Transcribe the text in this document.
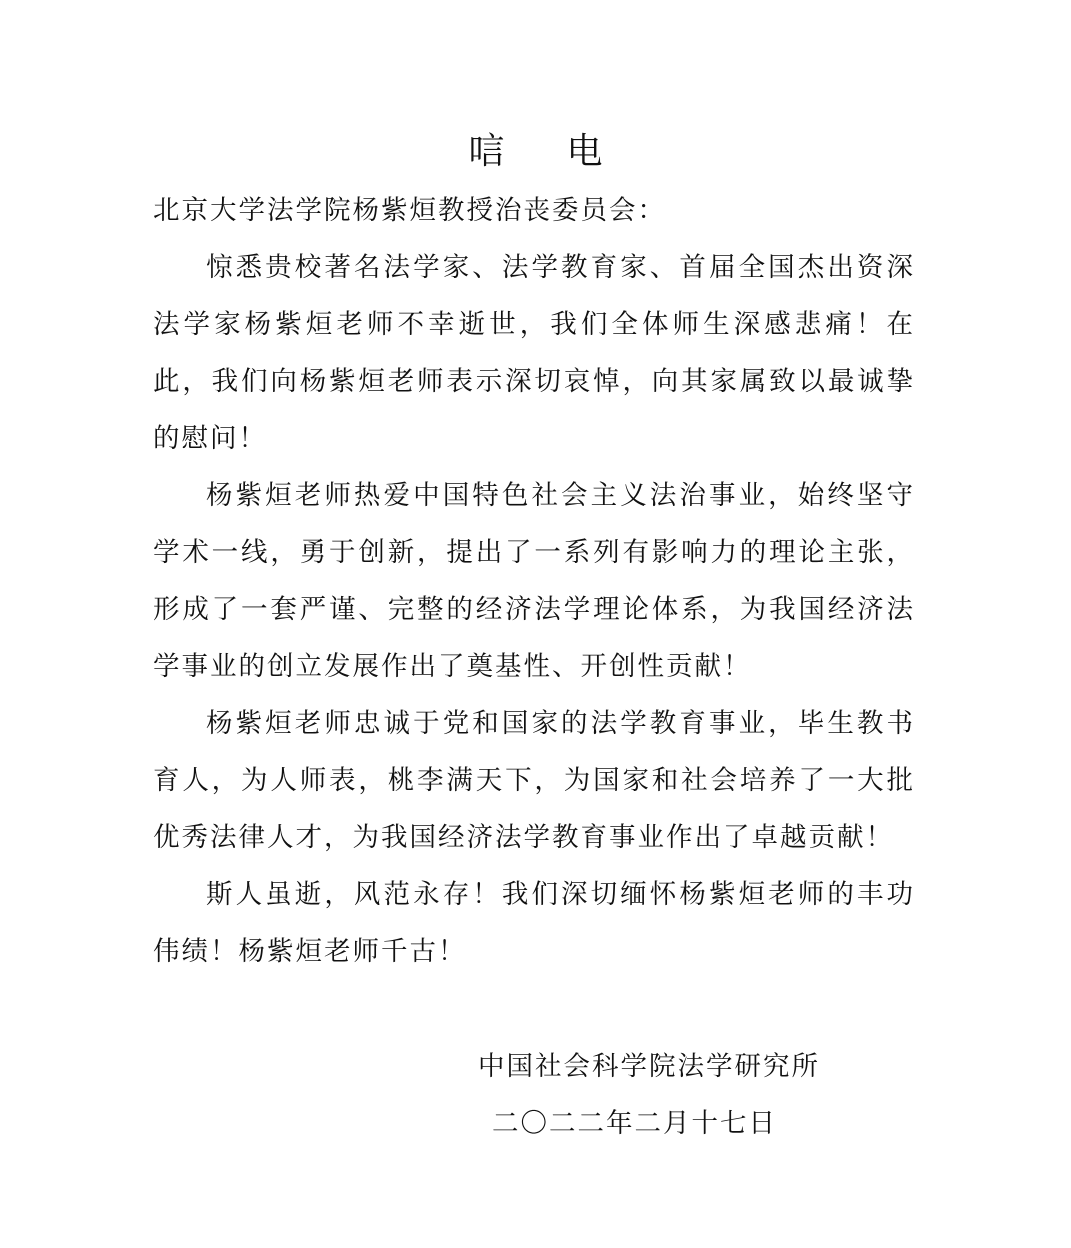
唁 电

北京大学法学院杨紫烜教授治丧委员会：

惊悉贵校著名法学家、法学教育家、首届全国杰出资深法学家杨紫烜老师不幸逝世，我们全体师生深感悲痛！在此，我们向杨紫烜老师表示深切哀悼，向其家属致以最诚挚的慰问！

杨紫烜老师热爱中国特色社会主义法治事业，始终坚守学术一线，勇于创新，提出了一系列有影响力的理论主张，形成了一套严谨、完整的经济法学理论体系，为我国经济法学事业的创立发展作出了奠基性、开创性贡献！

杨紫烜老师忠诚于党和国家的法学教育事业，毕生教书育人，为人师表，桃李满天下，为国家和社会培养了一大批优秀法律人才，为我国经济法学教育事业作出了卓越贡献！

斯人虽逝，风范永存！我们深切缅怀杨紫烜老师的丰功伟绩！杨紫烜老师千古！

中国社会科学院法学研究所
二〇二二年二月十七日
